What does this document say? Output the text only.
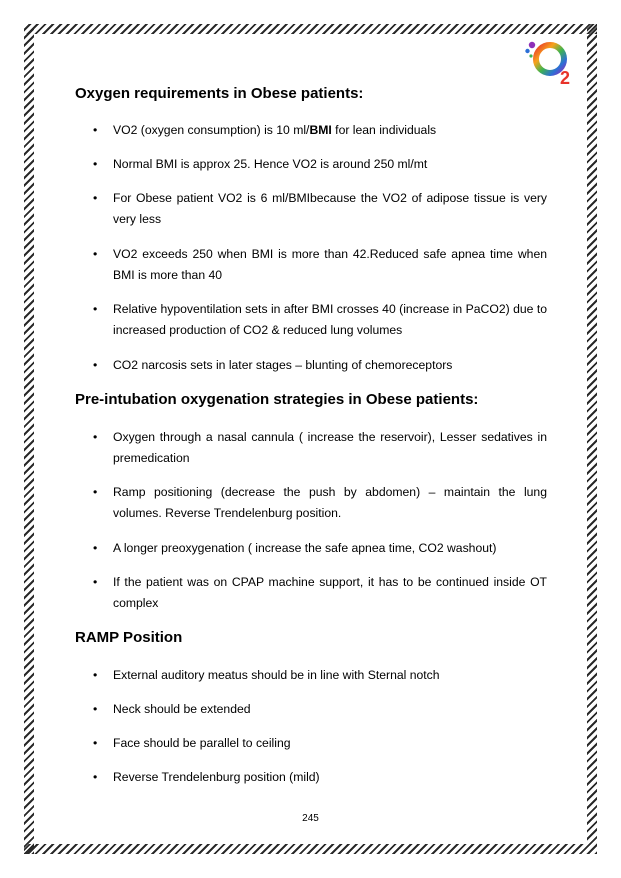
2
Oxygen requirements in Obese patients:
• VO2 (oxygen consumption) is 10 ml/BMI for lean individuals
• Normal BMI is approx 25. Hence VO2 is around 250 ml/mt
• For Obese patient VO2 is 6 ml/BMIbecause the VO2 of adipose tissue is very very less
• VO2 exceeds 250 when BMI is more than 42.Reduced safe apnea time when BMI is more than 40
• Relative hypoventilation sets in after BMI crosses 40 (increase in PaCO2) due to increased production of CO2 & reduced lung volumes
• CO2 narcosis sets in later stages – blunting of chemoreceptors
Pre-intubation oxygenation strategies in Obese patients:
• Oxygen through a nasal cannula ( increase the reservoir), Lesser sedatives in premedication
• Ramp positioning (decrease the push by abdomen) – maintain the lung volumes. Reverse Trendelenburg position.
• A longer preoxygenation ( increase the safe apnea time, CO2 washout)
• If the patient was on CPAP machine support, it has to be continued inside OT complex
RAMP Position
• External auditory meatus should be in line with Sternal notch
• Neck should be extended
• Face should be parallel to ceiling
• Reverse Trendelenburg position (mild)
245
